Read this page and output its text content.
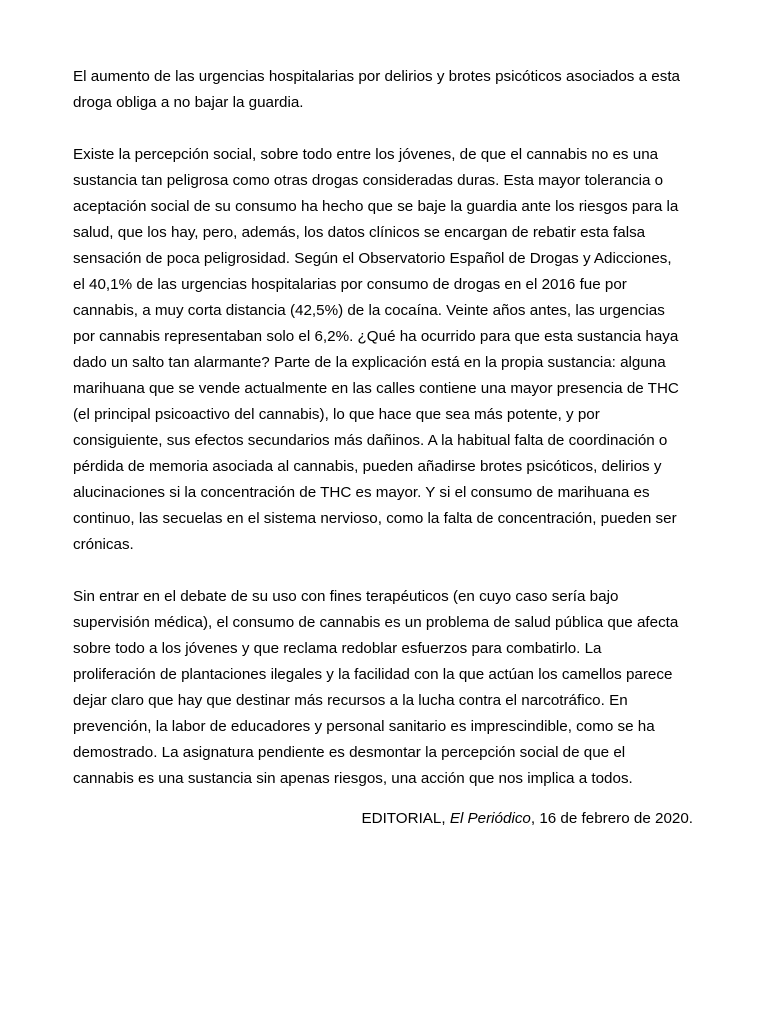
El aumento de las urgencias hospitalarias por delirios y brotes psicóticos asociados a esta
droga obliga a no bajar la guardia.

Existe la percepción social, sobre todo entre los jóvenes, de que el cannabis no es una
sustancia tan peligrosa como otras drogas consideradas duras. Esta mayor tolerancia o
aceptación social de su consumo ha hecho que se baje la guardia ante los riesgos para la
salud, que los hay, pero, además, los datos clínicos se encargan de rebatir esta falsa
sensación de poca peligrosidad. Según el Observatorio Español de Drogas y Adicciones,
el 40,1% de las urgencias hospitalarias por consumo de drogas en el 2016 fue por
cannabis, a muy corta distancia (42,5%) de la cocaína. Veinte años antes, las urgencias
por cannabis representaban solo el 6,2%. ¿Qué ha ocurrido para que esta sustancia haya
dado un salto tan alarmante? Parte de la explicación está en la propia sustancia: alguna
marihuana que se vende actualmente en las calles contiene una mayor presencia de THC
(el principal psicoactivo del cannabis), lo que hace que sea más potente, y por
consiguiente, sus efectos secundarios más dañinos. A la habitual falta de coordinación o
pérdida de memoria asociada al cannabis, pueden añadirse brotes psicóticos, delirios y
alucinaciones si la concentración de THC es mayor. Y si el consumo de marihuana es
continuo, las secuelas en el sistema nervioso, como la falta de concentración, pueden ser
crónicas.

Sin entrar en el debate de su uso con fines terapéuticos (en cuyo caso sería bajo
supervisión médica), el consumo de cannabis es un problema de salud pública que afecta
sobre todo a los jóvenes y que reclama redoblar esfuerzos para combatirlo. La
proliferación de plantaciones ilegales y la facilidad con la que actúan los camellos parece
dejar claro que hay que destinar más recursos a la lucha contra el narcotráfico. En
prevención, la labor de educadores y personal sanitario es imprescindible, como se ha
demostrado. La asignatura pendiente es desmontar la percepción social de que el
cannabis es una sustancia sin apenas riesgos, una acción que nos implica a todos.

EDITORIAL, El Periódico, 16 de febrero de 2020.
